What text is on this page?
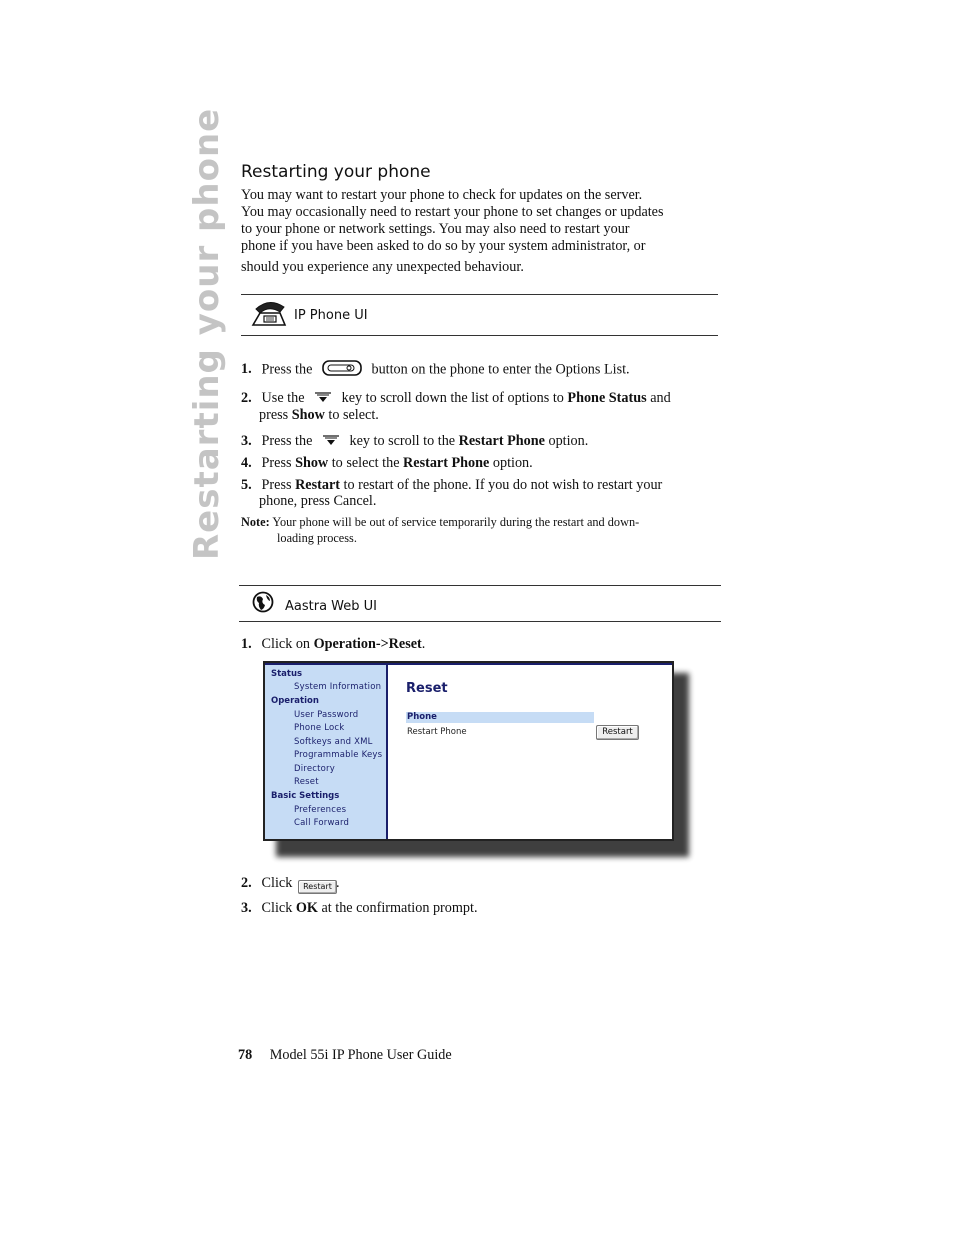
Restarting your phone Restarting your phone
You may want to restart your phone to check for updates on the server.
You may occasionally need to restart your phone to set changes or updates
to your phone or network settings. You may also need to restart your
phone if you have been asked to do so by your system administrator, or
should you experience any unexpected behaviour.
IP Phone UI
1. Press the	button on the phone to enter the Options List.
2. Use the	key to scroll down the list of options to Phone Status and
press Show to select.
3. Press the	key to scroll to the Restart Phone option.
4. Press Show to select the Restart Phone option.
5. Press Restart to restart of the phone. If you do not wish to restart your
phone, press Cancel.
Note: Your phone will be out of service temporarily during the restart and down-
loading process.
Aastra Web UI
1. Click on Operation->Reset.
Status
System Information
Operation
User Password
Phone Lock
Softkeys and XML
Programmable Keys
Directory
Reset
Basic Settings
Preferences
Call Forward
Reset
Phone
Restart Phone	Restart
2. Click	Restart .
3. Click OK at the confirmation prompt.
78 Model 55i IP Phone User Guide
